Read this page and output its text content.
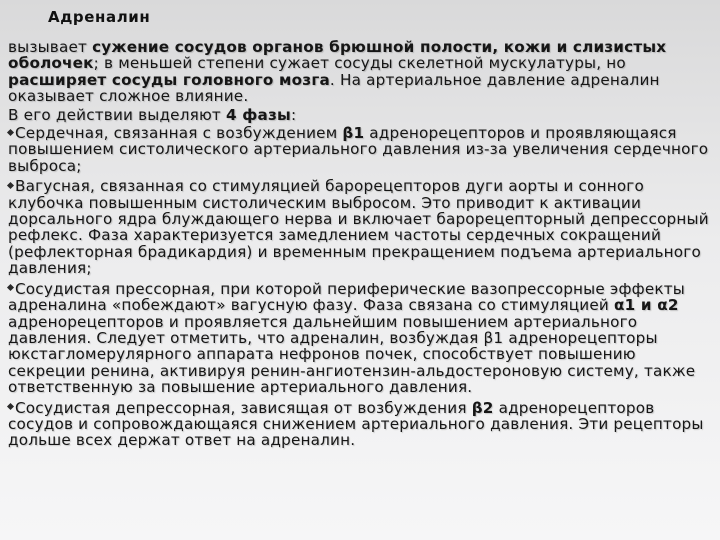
Адреналин

вызывает сужение сосудов органов брюшной полости, кожи и слизистых оболочек; в меньшей степени сужает сосуды скелетной мускулатуры, но расширяет сосуды головного мозга. На артериальное давление адреналин оказывает сложное влияние.

В его действии выделяют 4 фазы:

Сердечная, связанная с возбуждением β1 адренорецепторов и проявляющаяся повышением систолического артериального давления из-за увеличения сердечного выброса;

Вагусная, связанная со стимуляцией барорецепторов дуги аорты и сонного клубочка повышенным систолическим выбросом. Это приводит к активации дорсального ядра блуждающего нерва и включает барорецепторный депрессорный рефлекс. Фаза характеризуется замедлением частоты сердечных сокращений (рефлекторная брадикардия) и временным прекращением подъема артериального давления;

Сосудистая прессорная, при которой периферические вазопрессорные эффекты адреналина «побеждают» вагусную фазу. Фаза связана со стимуляцией α1 и α2 адренорецепторов и проявляется дальнейшим повышением артериального давления. Следует отметить, что адреналин, возбуждая β1 адренорецепторы юкстагломерулярного аппарата нефронов почек, способствует повышению секреции ренина, активируя ренин-ангиотензин-альдостероновую систему, также ответственную за повышение артериального давления.

Сосудистая депрессорная, зависящая от возбуждения β2 адренорецепторов сосудов и сопровождающаяся снижением артериального давления. Эти рецепторы дольше всех держат ответ на адреналин.
